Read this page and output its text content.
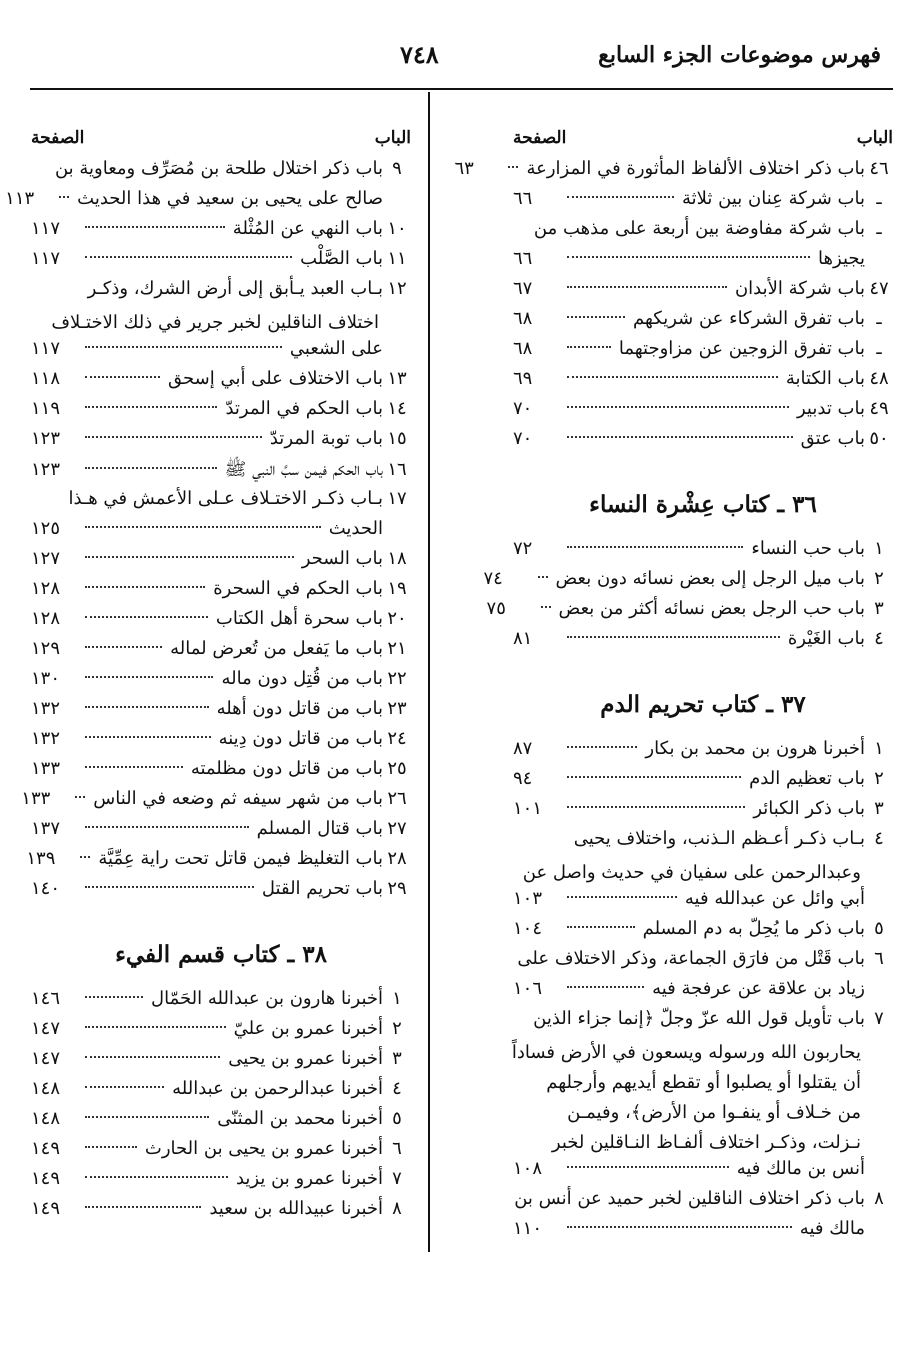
فهرس موضوعات الجزء السابع
٧٤٨
الباب
الصفحة
٤٦
باب ذكر اختلاف الألفاظ المأثورة في المزارعة
٦٣
ـ
باب شركة عِنان بين ثلاثة
٦٦
ـ
باب شركة مفاوضة بين أربعة على مذهب من
يجيزها
٦٦
٤٧
باب شركة الأبدان
٦٧
ـ
باب تفرق الشركاء عن شريكهم
٦٨
ـ
باب تفرق الزوجين عن مزاوجتهما
٦٨
٤٨
باب الكتابة
٦٩
٤٩
باب تدبير
٧٠
٥٠
باب عتق
٧٠
٣٦ ـ كتاب عِشْرة النساء
١
باب حب النساء
٧٢
٢
باب ميل الرجل إلى بعض نسائه دون بعض
٧٤
٣
باب حب الرجل بعض نسائه أكثر من بعض
٧٥
٤
باب الغَيْرة
٨١
٣٧ ـ كتاب تحريم الدم
١
أخبرنا هرون بن محمد بن بكار
٨٧
٢
باب تعظيم الدم
٩٤
٣
باب ذكر الكبائر
١٠١
٤
بـاب ذكـر أعـظم الـذنب، واختلاف يحيى
وعبدالرحمن على سفيان في حديث واصل عن
أبي وائل عن عبدالله فيه
١٠٣
٥
باب ذكر ما يُحِلّ به دم المسلم
١٠٤
٦
باب قَتْل من فارَق الجماعة، وذكر الاختلاف على
زياد بن علاقة عن عرفجة فيه
١٠٦
٧
باب تأويل قول الله عزّ وجلّ ﴿إنما جزاء الذين
يحاربون الله ورسوله ويسعون في الأرض فساداً
أن يقتلوا أو يصلبوا أو تقطع أيديهم وأرجلهم
من خـلاف أو ينفـوا من الأرض﴾، وفيمـن
نـزلت، وذكـر اختلاف ألفـاظ النـاقلين لخبر
أنس بن مالك فيه
١٠٨
٨
باب ذكر اختلاف الناقلين لخبر حميد عن أنس بن
مالك فيه
١١٠
الباب
الصفحة
٩
باب ذكر اختلال طلحة بن مُصَرِّف ومعاوية بن
صالح على يحيى بن سعيد في هذا الحديث
١١٣
١٠
باب النهي عن المُثْلة
١١٧
١١
باب الصَّلْب
١١٧
١٢
بـاب العبد يـأبق إلى أرض الشرك، وذكـر
اختلاف الناقلين لخبر جرير في ذلك الاختـلاف
على الشعبي
١١٧
١٣
باب الاختلاف على أبي إسحق
١١٨
١٤
باب الحكم في المرتدّ
١١٩
١٥
باب توبة المرتدّ
١٢٣
١٦
باب الحكم فيمن سبَّ النبي ﷺ
١٢٣
١٧
بـاب ذكـر الاختـلاف عـلى الأعمش في هـذا
الحديث
١٢٥
١٨
باب السحر
١٢٧
١٩
باب الحكم في السحرة
١٢٨
٢٠
باب سحرة أهل الكتاب
١٢٨
٢١
باب ما يَفعل من تُعرض لماله
١٢٩
٢٢
باب من قُتِل دون ماله
١٣٠
٢٣
باب من قاتل دون أهله
١٣٢
٢٤
باب من قاتل دون دِينه
١٣٢
٢٥
باب من قاتل دون مظلمته
١٣٣
٢٦
باب من شهر سيفه ثم وضعه في الناس
١٣٣
٢٧
باب قتال المسلم
١٣٧
٢٨
باب التغليظ فيمن قاتل تحت راية عِمِّيَّة
١٣٩
٢٩
باب تحريم القتل
١٤٠
٣٨ ـ كتاب قسم الفيء
١
أخبرنا هارون بن عبدالله الحَمّال
١٤٦
٢
أخبرنا عمرو بن عليّ
١٤٧
٣
أخبرنا عمرو بن يحيى
١٤٧
٤
أخبرنا عبدالرحمن بن عبدالله
١٤٨
٥
أخبرنا محمد بن المثنّى
١٤٨
٦
أخبرنا عمرو بن يحيى بن الحارث
١٤٩
٧
أخبرنا عمرو بن يزيد
١٤٩
٨
أخبرنا عبيدالله بن سعيد
١٤٩
